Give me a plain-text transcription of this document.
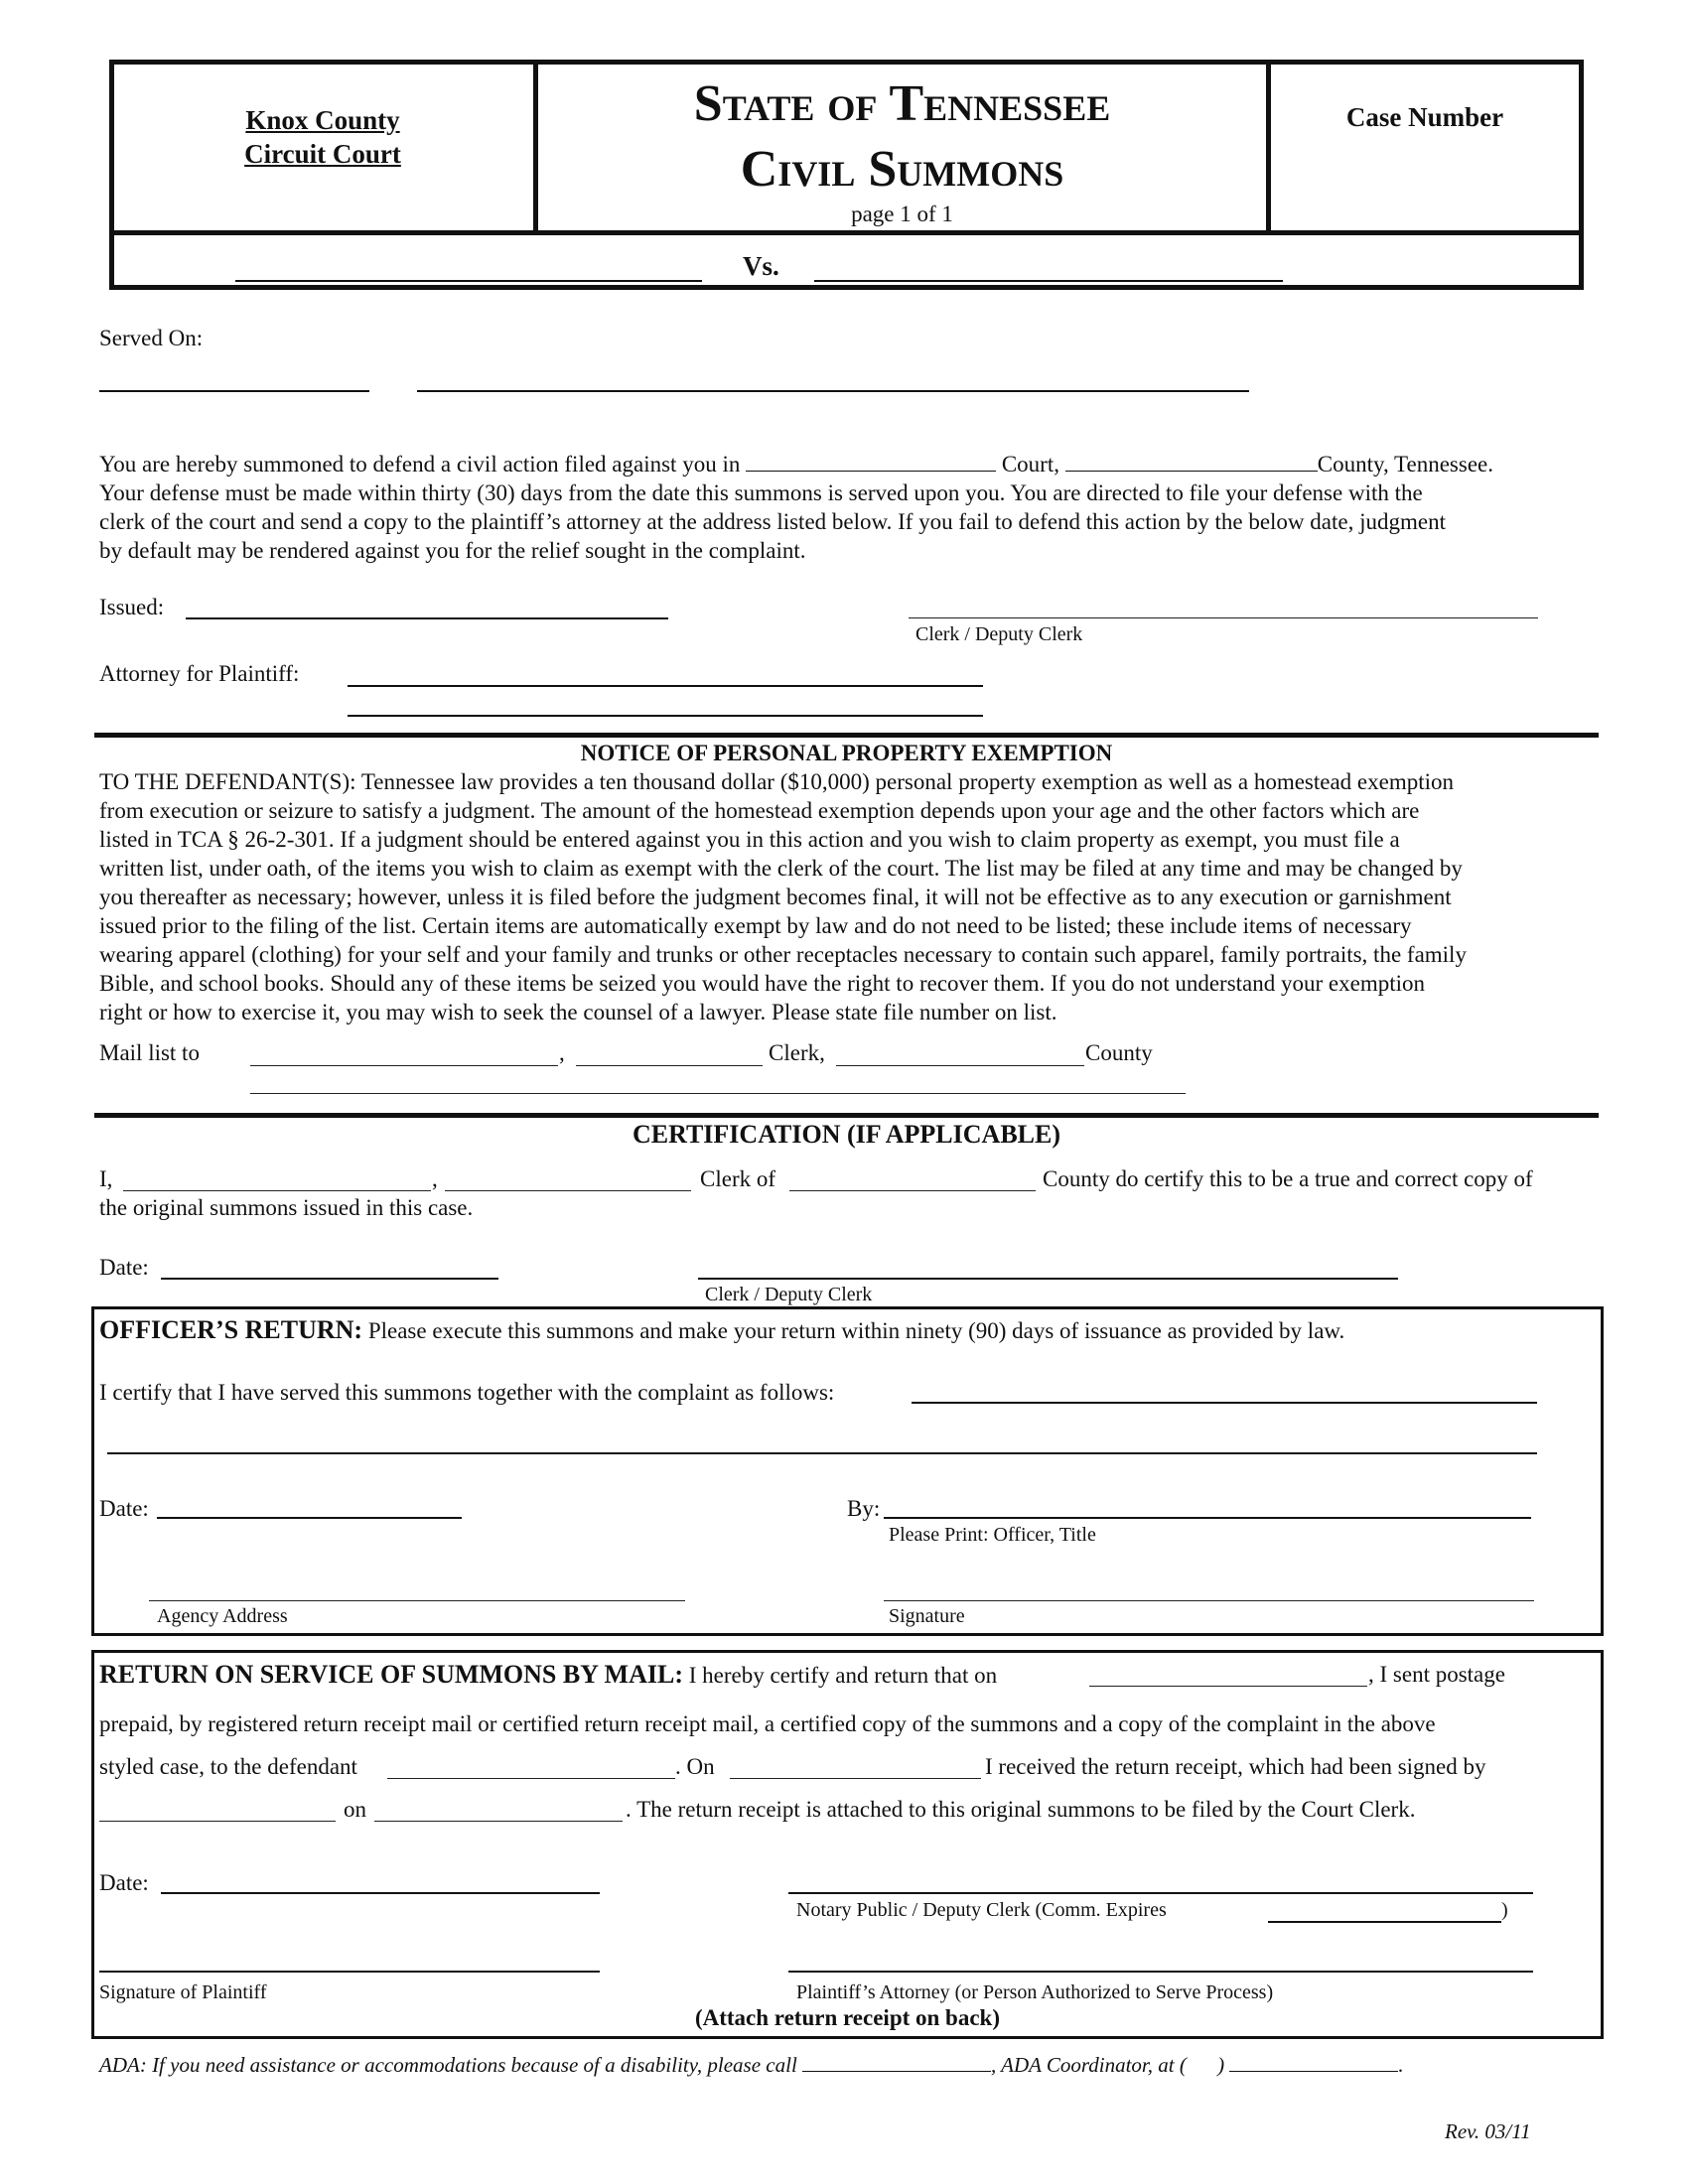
Knox County
Circuit Court
State of Tennessee
Civil Summons
page 1 of 1
Case Number
Vs.
Served On:
You are hereby summoned to defend a civil action filed against you in	Court,	County, Tennessee.
Your defense must be made within thirty (30) days from the date this summons is served upon you. You are directed to file your defense with the
clerk of the court and send a copy to the plaintiff’s attorney at the address listed below. If you fail to defend this action by the below date, judgment
by default may be rendered against you for the relief sought in the complaint.
Issued:
Clerk / Deputy Clerk
Attorney for Plaintiff:
NOTICE OF PERSONAL PROPERTY EXEMPTION
TO THE DEFENDANT(S): Tennessee law provides a ten thousand dollar ($10,000) personal property exemption as well as a homestead exemption
from execution or seizure to satisfy a judgment. The amount of the homestead exemption depends upon your age and the other factors which are
listed in TCA § 26-2-301. If a judgment should be entered against you in this action and you wish to claim property as exempt, you must file a
written list, under oath, of the items you wish to claim as exempt with the clerk of the court. The list may be filed at any time and may be changed by
you thereafter as necessary; however, unless it is filed before the judgment becomes final, it will not be effective as to any execution or garnishment
issued prior to the filing of the list. Certain items are automatically exempt by law and do not need to be listed; these include items of necessary
wearing apparel (clothing) for your self and your family and trunks or other receptacles necessary to contain such apparel, family portraits, the family
Bible, and school books. Should any of these items be seized you would have the right to recover them. If you do not understand your exemption
right or how to exercise it, you may wish to seek the counsel of a lawyer. Please state file number on list.
Mail list to	,	Clerk,	County
CERTIFICATION (IF APPLICABLE)
I,	,	Clerk of	County do certify this to be a true and correct copy of
the original summons issued in this case.
Date:
Clerk / Deputy Clerk
OFFICER’S RETURN: Please execute this summons and make your return within ninety (90) days of issuance as provided by law.
I certify that I have served this summons together with the complaint as follows:
Date:	By:
Please Print: Officer, Title
Agency Address	Signature
RETURN ON SERVICE OF SUMMONS BY MAIL: I hereby certify and return that on	, I sent postage
prepaid, by registered return receipt mail or certified return receipt mail, a certified copy of the summons and a copy of the complaint in the above
styled case, to the defendant	. On	I received the return receipt, which had been signed by
on	. The return receipt is attached to this original summons to be filed by the Court Clerk.
Date:
Notary Public / Deputy Clerk (Comm. Expires	)
Signature of Plaintiff	Plaintiff’s Attorney (or Person Authorized to Serve Process)
(Attach return receipt on back)
ADA: If you need assistance or accommodations because of a disability, please call	, ADA Coordinator, at ( )	.
Rev. 03/11
